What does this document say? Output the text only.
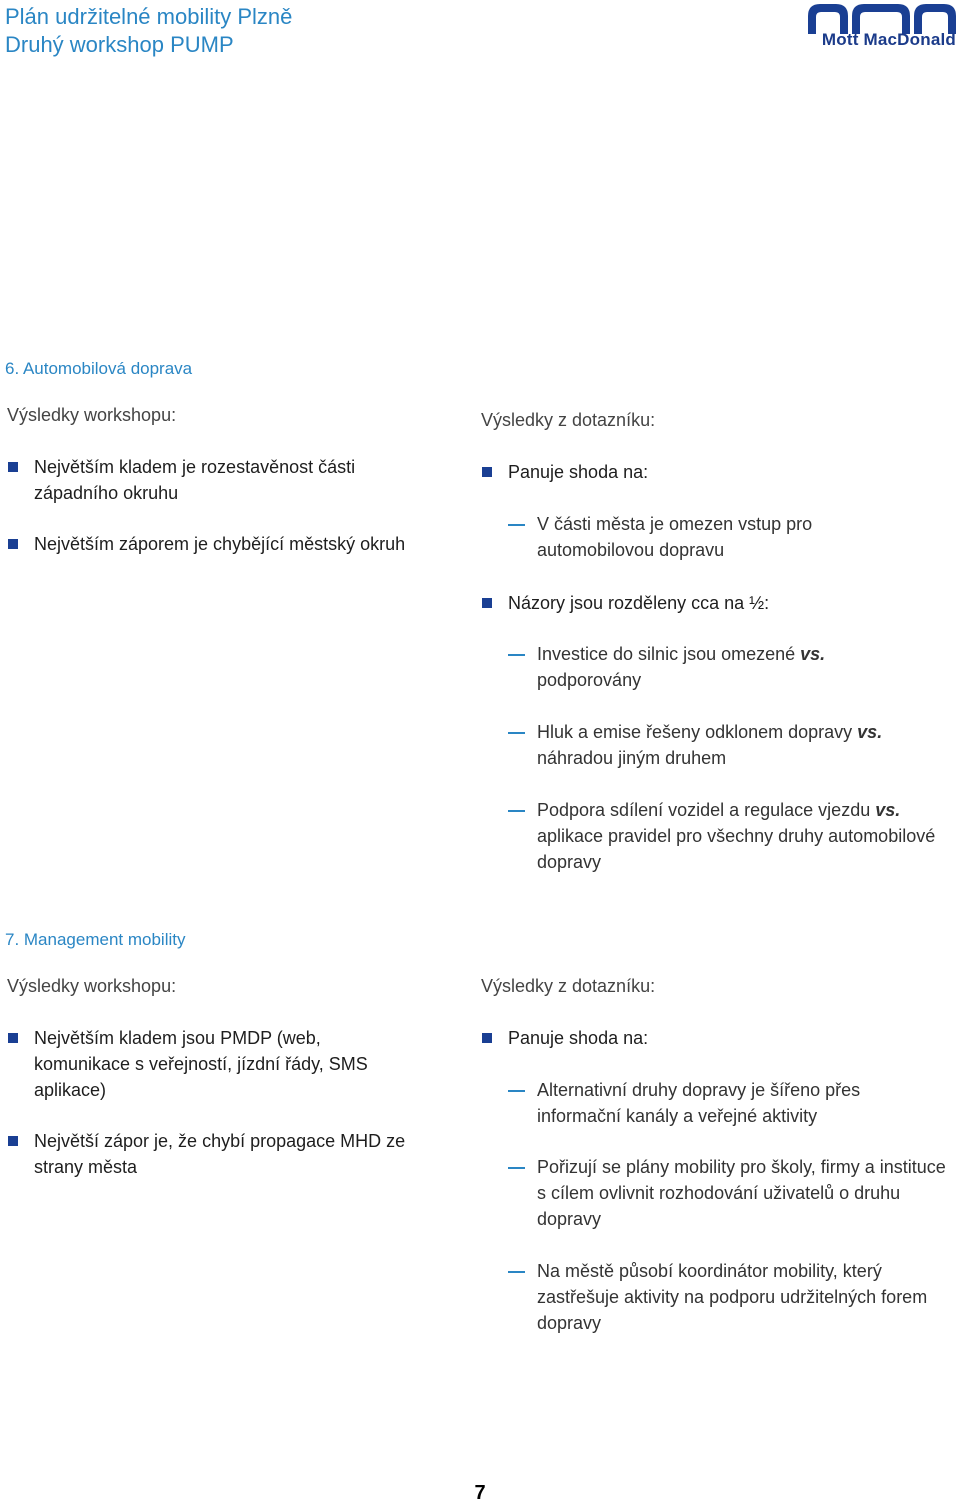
Plán udržitelné mobility Plzně
Druhý workshop PUMP	Mott MacDonald
6. Automobilová doprava
Výsledky workshopu:
Největším kladem je rozestavěnost části západního okruhu
Největším záporem je chybějící městský okruh
Výsledky z dotazníku:
Panuje shoda na:
V části města je omezen vstup pro automobilovou dopravu
Názory jsou rozděleny cca na ½:
Investice do silnic jsou omezené vs. podporovány
Hluk a emise řešeny odklonem dopravy vs. náhradou jiným druhem
Podpora sdílení vozidel a regulace vjezdu vs. aplikace pravidel pro všechny druhy automobilové dopravy
7. Management mobility
Výsledky workshopu:
Největším kladem jsou PMDP (web, komunikace s veřejností, jízdní řády, SMS aplikace)
Největší zápor je, že chybí propagace MHD ze strany města
Výsledky z dotazníku:
Panuje shoda na:
Alternativní druhy dopravy je šířeno přes informační kanály a veřejné aktivity
Pořizují se plány mobility pro školy, firmy a instituce s cílem ovlivnit rozhodování uživatelů o druhu dopravy
Na městě působí koordinátor mobility, který zastřešuje aktivity na podporu udržitelných forem dopravy
7
